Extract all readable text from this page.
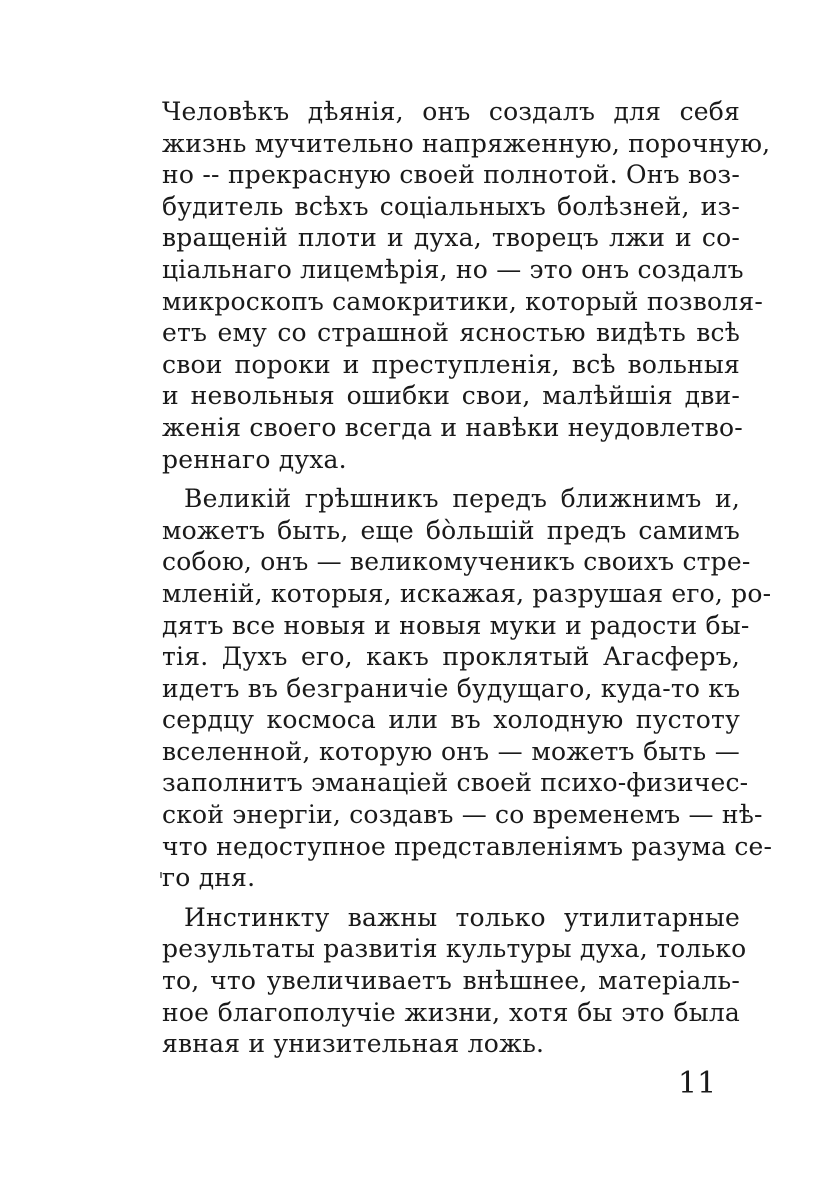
Человѣкъ дѣянія, онъ создалъ для себя
жизнь мучительно напряженную, порочную,
но -- прекрасную своей полнотой. Онъ воз-
будитель всѣхъ соціальныхъ болѣзней, из-
вращеній плоти и духа, творецъ лжи и со-
ціальнаго лицемѣрія, но — это онъ создалъ
микроскопъ самокритики, который позволя-
етъ ему со страшной ясностью видѣть всѣ
свои пороки и преступленія, всѣ вольныя
и невольныя ошибки свои, малѣйшія дви-
женія своего всегда и навѣки неудовлетво-
реннаго духа.
Великій грѣшникъ передъ ближнимъ и,
можетъ быть, еще бо̀льшій предъ самимъ
собою, онъ — великомученикъ своихъ стре-
мленій, которыя, искажая, разрушая его, ро-
дятъ все новыя и новыя муки и радости бы-
тія. Духъ его, какъ проклятый Агасферъ,
идетъ въ безграничіе будущаго, куда-то къ
сердцу космоса или въ холодную пустоту
вселенной, которую онъ — можетъ быть —
заполнитъ эманаціей своей психо-физичес-
ской энергіи, создавъ — со временемъ — нѣ-
что недоступное представленіямъ разума се-
го дня.
Инстинкту важны только утилитарные
результаты развитія культуры духа, только
то, что увеличиваетъ внѣшнее, матеріаль-
ное благополучіе жизни, хотя бы это была
явная и унизительная ложь.
11
